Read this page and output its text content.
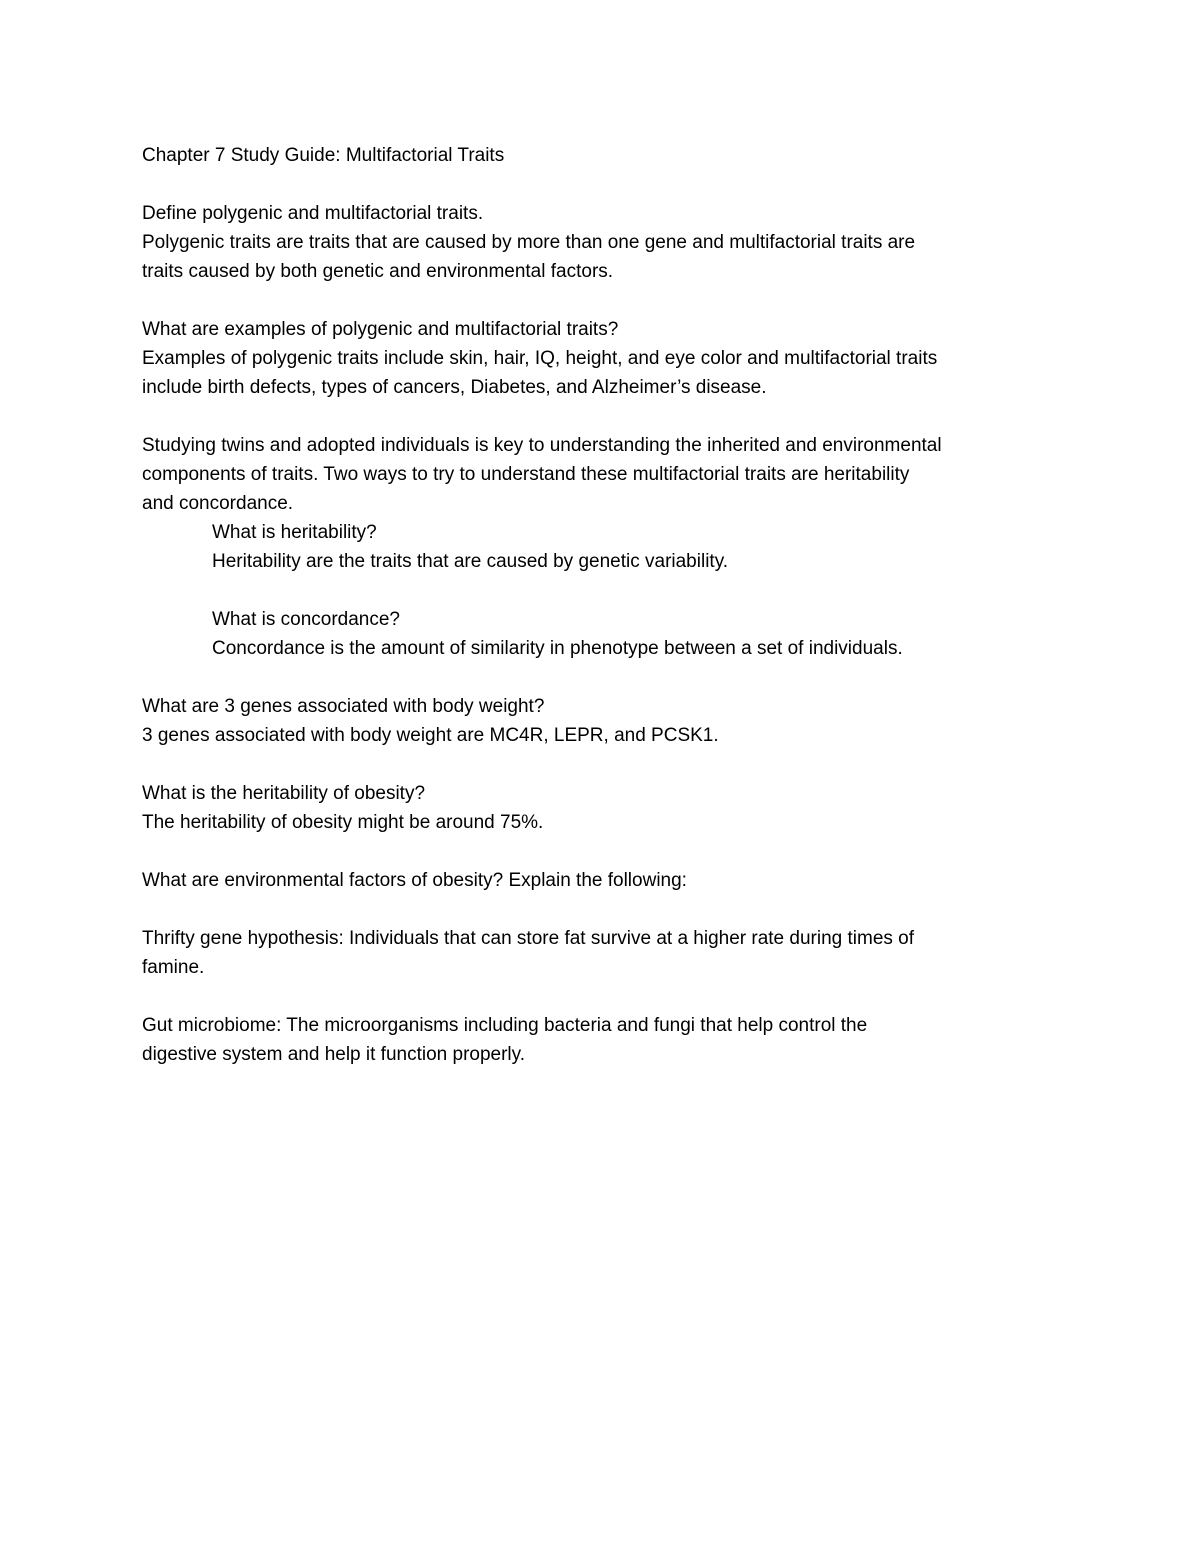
Chapter 7 Study Guide: Multifactorial Traits
Define polygenic and multifactorial traits.
Polygenic traits are traits that are caused by more than one gene and multifactorial traits are
traits caused by both genetic and environmental factors.
What are examples of polygenic and multifactorial traits?
Examples of polygenic traits include skin, hair, IQ, height, and eye color and multifactorial traits
include birth defects, types of cancers, Diabetes, and Alzheimer’s disease.
Studying twins and adopted individuals is key to understanding the inherited and environmental
components of traits. Two ways to try to understand these multifactorial traits are heritability
and concordance.
What is heritability?
Heritability are the traits that are caused by genetic variability.
What is concordance?
Concordance is the amount of similarity in phenotype between a set of individuals.
What are 3 genes associated with body weight?
3 genes associated with body weight are MC4R, LEPR, and PCSK1.
What is the heritability of obesity?
The heritability of obesity might be around 75%.
What are environmental factors of obesity? Explain the following:
Thrifty gene hypothesis: Individuals that can store fat survive at a higher rate during times of
famine.
Gut microbiome: The microorganisms including bacteria and fungi that help control the
digestive system and help it function properly.
